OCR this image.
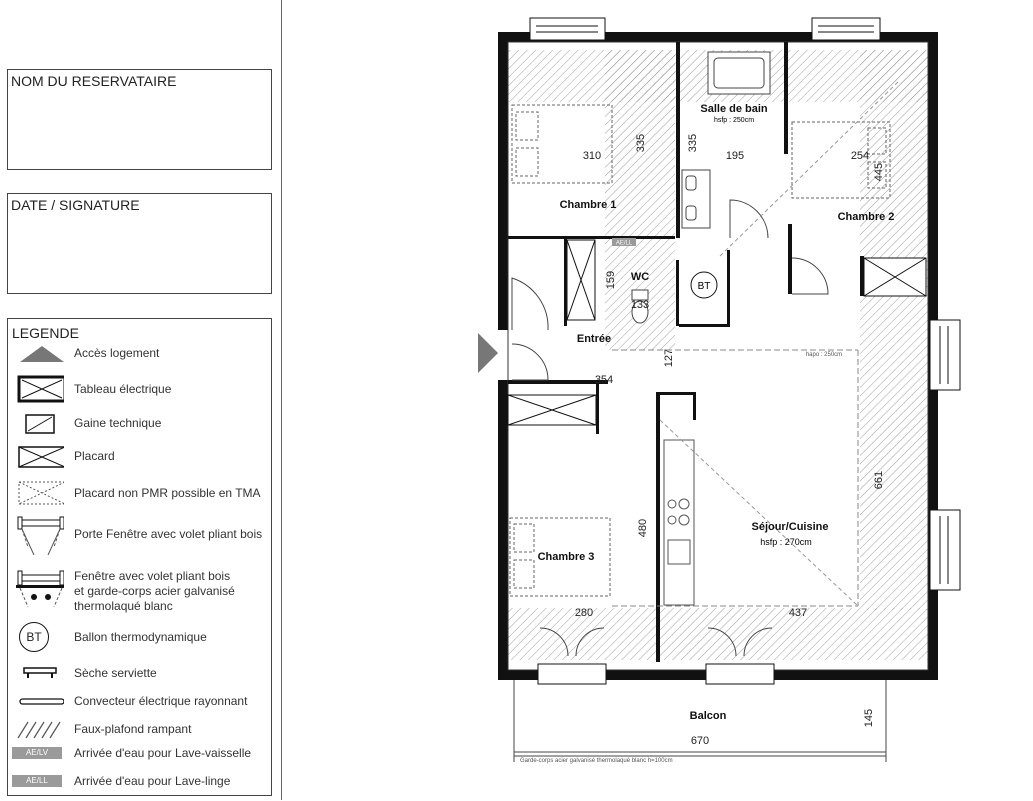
NOM DU RESERVATAIRE
DATE / SIGNATURE
LEGENDE
Accès logement
Tableau électrique
Gaine technique
Placard
Placard non PMR possible en TMA
Porte Fenêtre avec volet pliant bois
Fenêtre avec volet pliant bois
et garde-corps acier galvanisé
thermolaqué blanc
BT	Ballon thermodynamique
Sèche serviette
Convecteur électrique rayonnant
Faux-plafond rampant
AE/LV	Arrivée d'eau pour Lave-vaisselle
AE/LL	Arrivée d'eau pour Lave-linge
BT
Salle de bain
Chambre 1
Chambre 2
Chambre 3
WC
Entrée
Séjour/Cuisine
Balcon
hsfp : 250cm
hsfp : 270cm
hapo : 250cm
310
335	335
195	254
445
159
133
127
354
480
661
280	437
145
670
AE/LL
Garde-corps acier galvanisé thermolaqué blanc h=100cm
